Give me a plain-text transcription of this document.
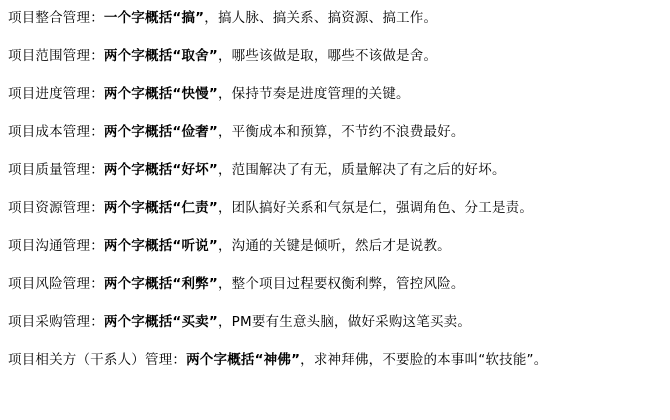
项目整合管理：一个字概括“搞”，搞人脉、搞关系、搞资源、搞工作。

项目范围管理：两个字概括“取舍”，哪些该做是取，哪些不该做是舍。

项目进度管理：两个字概括“快慢”，保持节奏是进度管理的关键。

项目成本管理：两个字概括“俭奢”，平衡成本和预算，不节约不浪费最好。

项目质量管理：两个字概括“好坏”，范围解决了有无，质量解决了有之后的好坏。

项目资源管理：两个字概括“仁责”，团队搞好关系和气氛是仁，强调角色、分工是责。

项目沟通管理：两个字概括“听说”，沟通的关键是倾听，然后才是说教。

项目风险管理：两个字概括“利弊”，整个项目过程要权衡利弊，管控风险。

项目采购管理：两个字概括“买卖”，PM要有生意头脑，做好采购这笔买卖。

项目相关方（干系人）管理：两个字概括“神佛”，求神拜佛，不要脸的本事叫“软技能”。
